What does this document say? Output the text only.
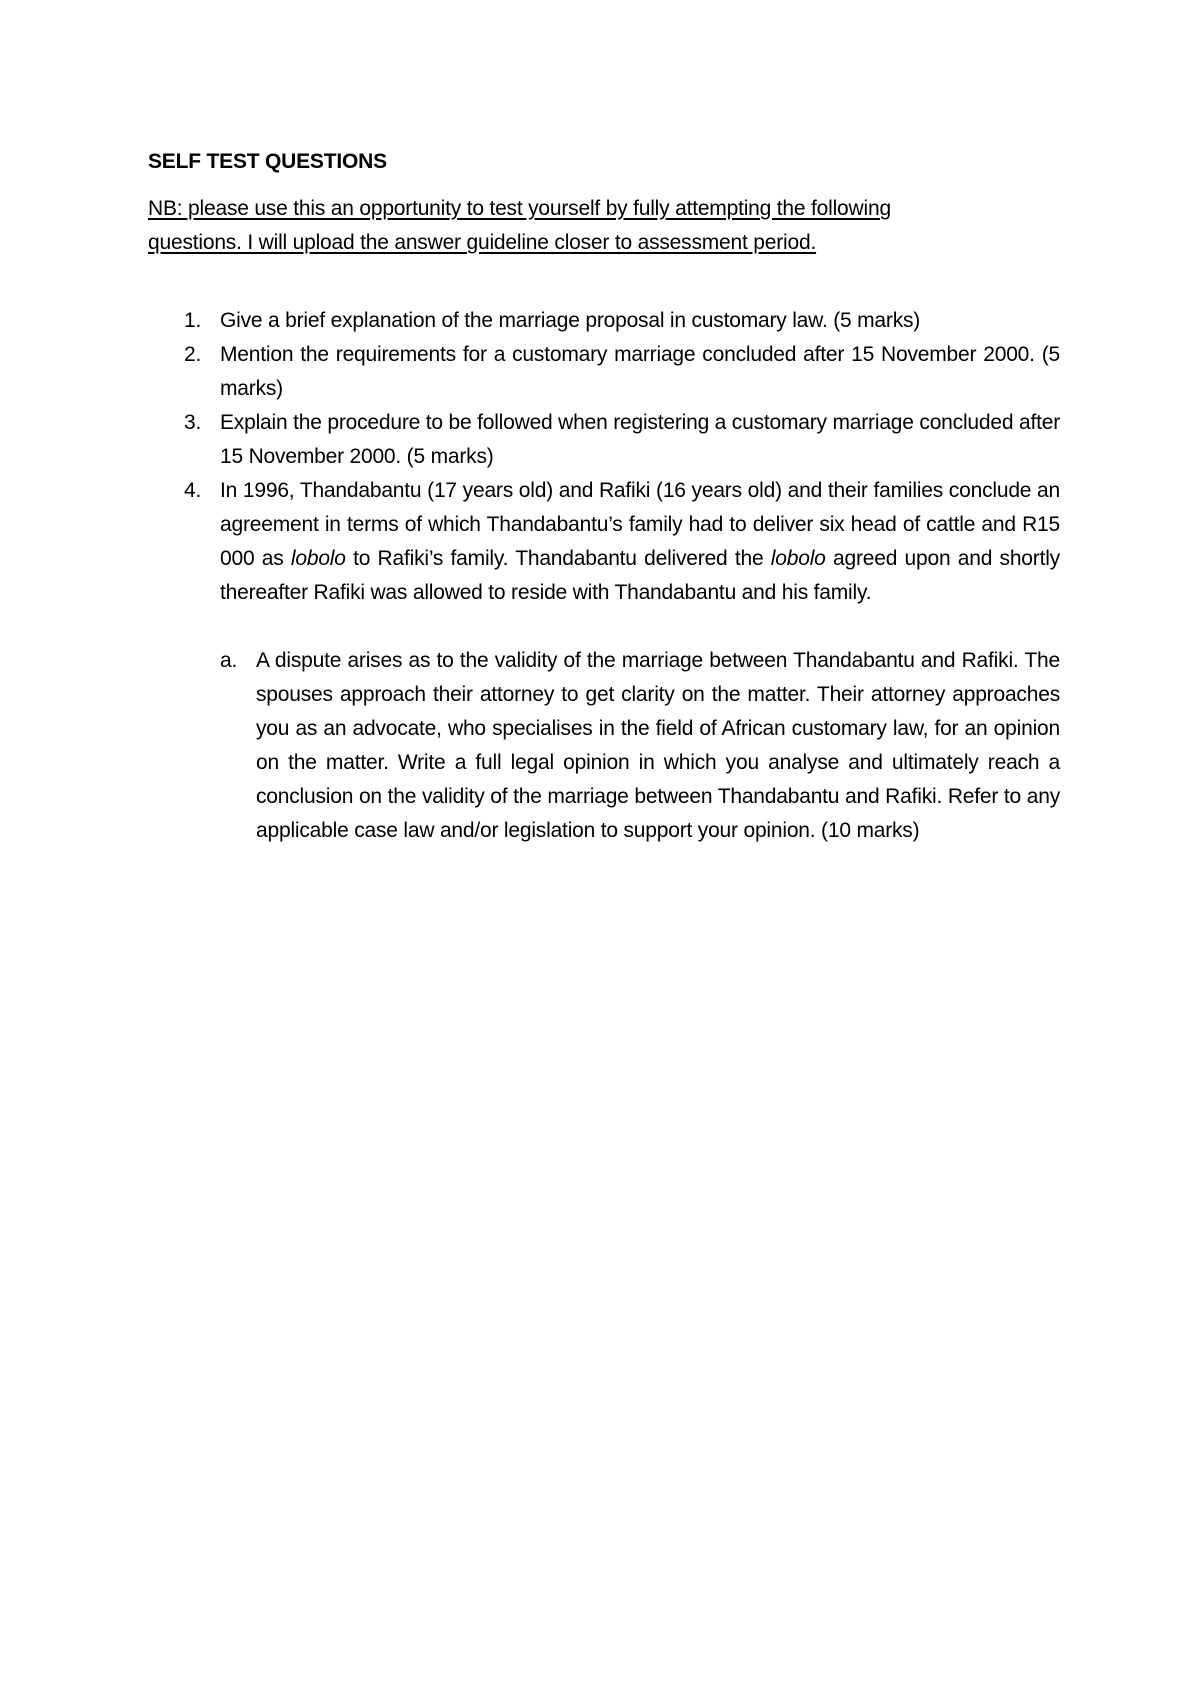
SELF TEST QUESTIONS
NB: please use this an opportunity to test yourself by fully attempting the following questions. I will upload the answer guideline closer to assessment period.
1. Give a brief explanation of the marriage proposal in customary law. (5 marks)
2. Mention the requirements for a customary marriage concluded after 15 November 2000. (5 marks)
3. Explain the procedure to be followed when registering a customary marriage concluded after 15 November 2000. (5 marks)
4. In 1996, Thandabantu (17 years old) and Rafiki (16 years old) and their families conclude an agreement in terms of which Thandabantu’s family had to deliver six head of cattle and R15 000 as lobolo to Rafiki’s family. Thandabantu delivered the lobolo agreed upon and shortly thereafter Rafiki was allowed to reside with Thandabantu and his family.
a. A dispute arises as to the validity of the marriage between Thandabantu and Rafiki. The spouses approach their attorney to get clarity on the matter. Their attorney approaches you as an advocate, who specialises in the field of African customary law, for an opinion on the matter. Write a full legal opinion in which you analyse and ultimately reach a conclusion on the validity of the marriage between Thandabantu and Rafiki. Refer to any applicable case law and/or legislation to support your opinion. (10 marks)
